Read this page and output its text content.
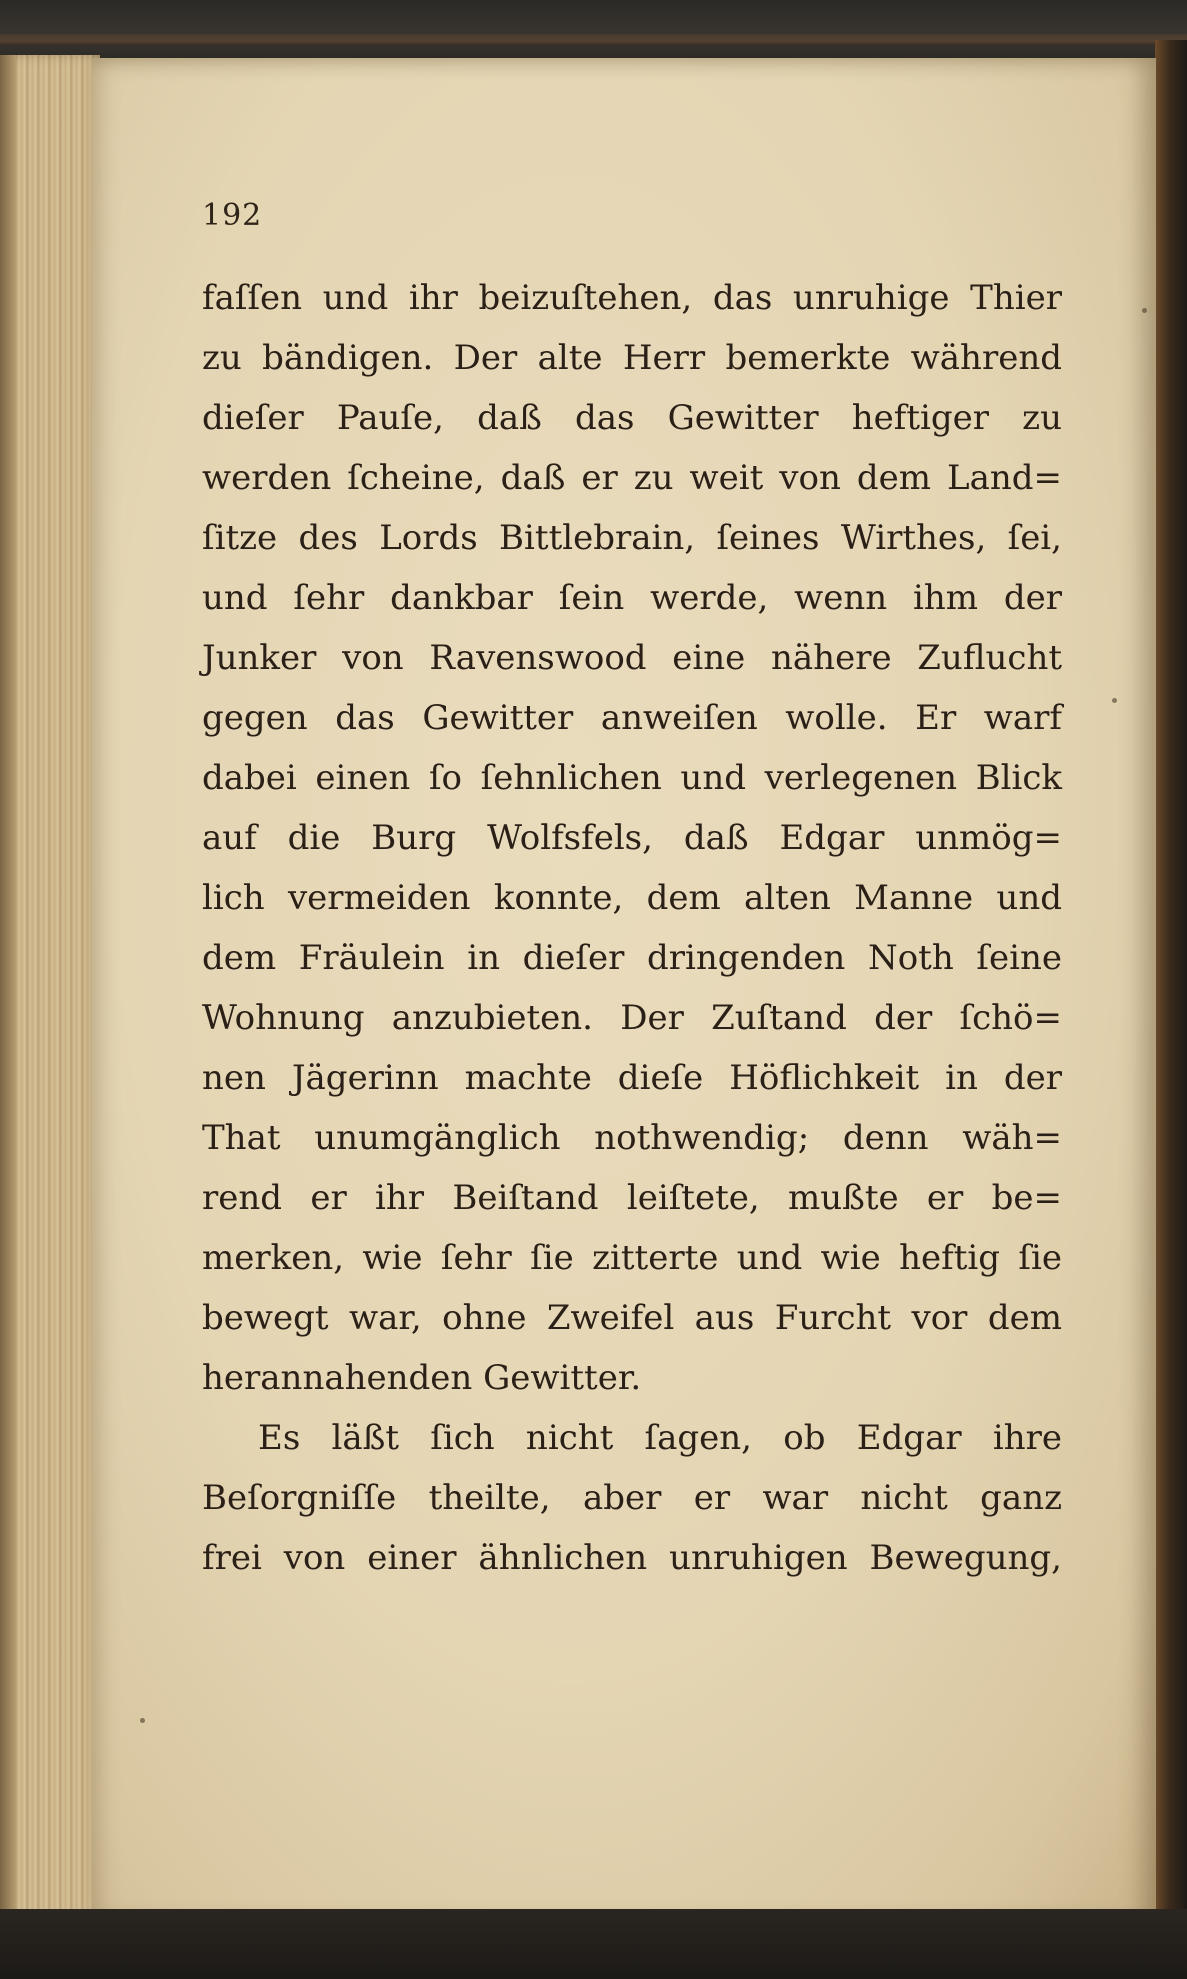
192
faſſen und ihr beizuſtehen, das unruhige Thier
zu bändigen. Der alte Herr bemerkte während
dieſer Pauſe, daß das Gewitter heftiger zu
werden ſcheine, daß er zu weit von dem Land=
ſitze des Lords Bittlebrain, ſeines Wirthes, ſei,
und ſehr dankbar ſein werde, wenn ihm der
Junker von Ravenswood eine nähere Zuflucht
gegen das Gewitter anweiſen wolle. Er warf
dabei einen ſo ſehnlichen und verlegenen Blick
auf die Burg Wolfsfels, daß Edgar unmög=
lich vermeiden konnte, dem alten Manne und
dem Fräulein in dieſer dringenden Noth ſeine
Wohnung anzubieten. Der Zuſtand der ſchö=
nen Jägerinn machte dieſe Höflichkeit in der
That unumgänglich nothwendig; denn wäh=
rend er ihr Beiſtand leiſtete, mußte er be=
merken, wie ſehr ſie zitterte und wie heftig ſie
bewegt war, ohne Zweifel aus Furcht vor dem
herannahenden Gewitter.
Es läßt ſich nicht ſagen, ob Edgar ihre
Beſorgniſſe theilte, aber er war nicht ganz
frei von einer ähnlichen unruhigen Bewegung,
